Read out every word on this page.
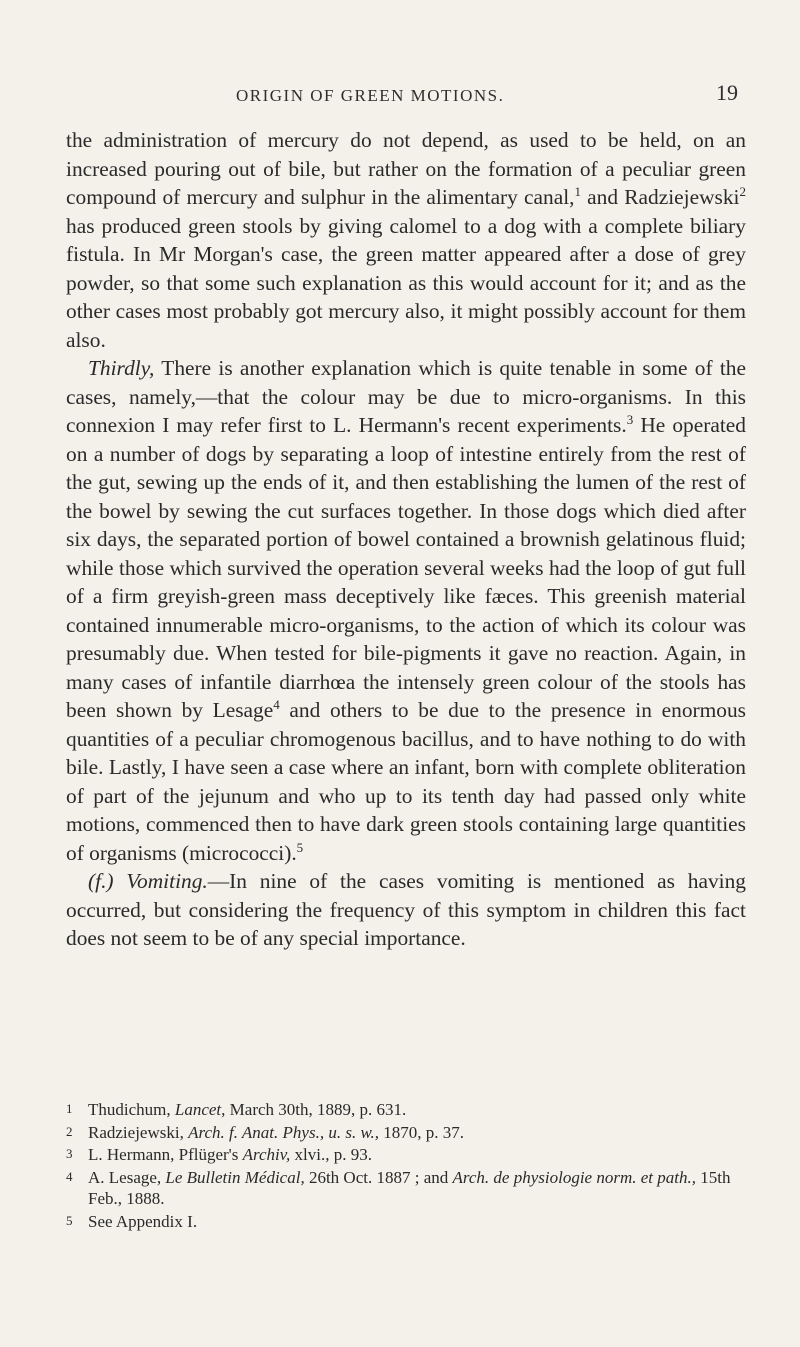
ORIGIN OF GREEN MOTIONS.	19

the administration of mercury do not depend, as used to be held, on an increased pouring out of bile, but rather on the formation of a peculiar green compound of mercury and sulphur in the alimentary canal,$^1$ and Radziejewski$^2$ has produced green stools by giving calomel to a dog with a complete biliary fistula. In Mr Morgan's case, the green matter appeared after a dose of grey powder, so that some such explanation as this would account for it; and as the other cases most probably got mercury also, it might possibly account for them also.

Thirdly, There is another explanation which is quite tenable in some of the cases, namely,—that the colour may be due to micro-organisms. In this connexion I may refer first to L. Hermann's recent experiments.$^3$ He operated on a number of dogs by separating a loop of intestine entirely from the rest of the gut, sewing up the ends of it, and then establishing the lumen of the rest of the bowel by sewing the cut surfaces together. In those dogs which died after six days, the separated portion of bowel contained a brownish gelatinous fluid; while those which survived the operation several weeks had the loop of gut full of a firm greyish-green mass deceptively like fæces. This greenish material contained innumerable micro-organisms, to the action of which its colour was presumably due. When tested for bile-pigments it gave no reaction. Again, in many cases of infantile diarrhœa the intensely green colour of the stools has been shown by Lesage$^4$ and others to be due to the presence in enormous quantities of a peculiar chromogenous bacillus, and to have nothing to do with bile. Lastly, I have seen a case where an infant, born with complete obliteration of part of the jejunum and who up to its tenth day had passed only white motions, commenced then to have dark green stools containing large quantities of organisms (micrococci).$^5$

(f.) Vomiting.—In nine of the cases vomiting is mentioned as having occurred, but considering the frequency of this symptom in children this fact does not seem to be of any special importance.

1 Thudichum, Lancet, March 30th, 1889, p. 631.

2 Radziejewski, Arch. f. Anat. Phys., u. s. w., 1870, p. 37.

3 L. Hermann, Pflüger's Archiv, xlvi., p. 93.

4 A. Lesage, Le Bulletin Médical, 26th Oct. 1887 ; and Arch. de physiologie norm. et path., 15th Feb., 1888.

5 See Appendix I.
